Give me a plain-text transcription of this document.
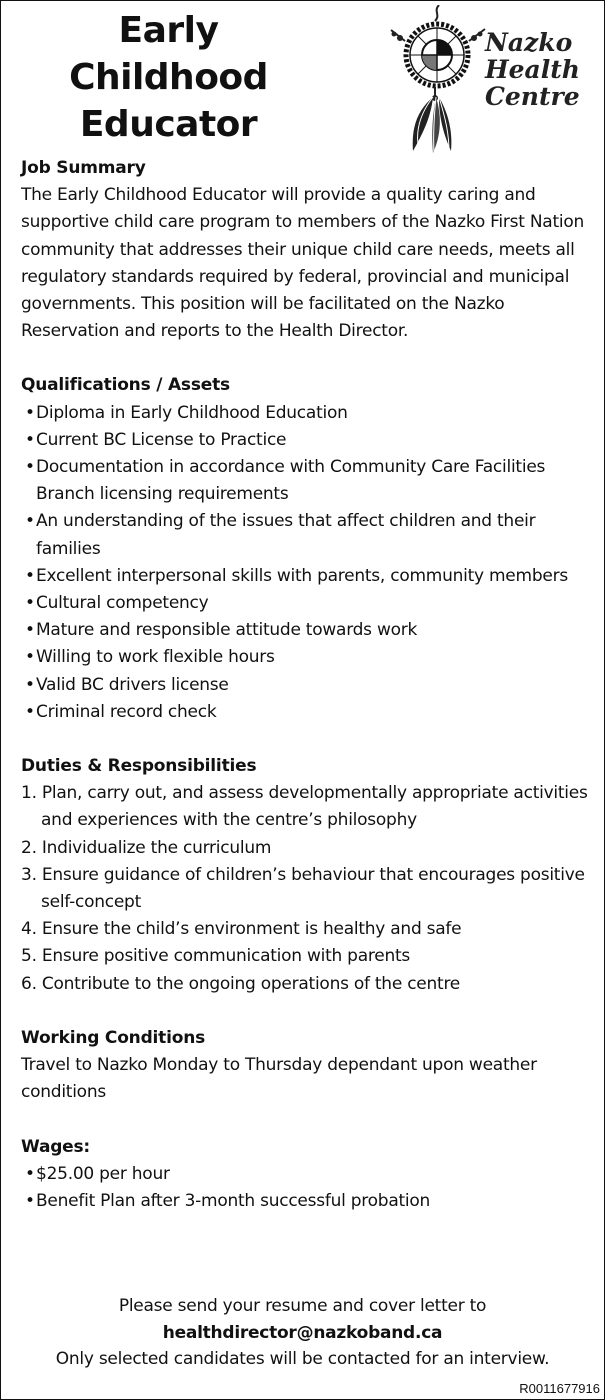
Early
Childhood
Educator
Nazko
Health
Centre
Job Summary

The Early Childhood Educator will provide a quality caring and supportive child care program to members of the Nazko First Nation community that addresses their unique child care needs, meets all regulatory standards required by federal, provincial and municipal governments. This position will be facilitated on the Nazko Reservation and reports to the Health Director.

Qualifications / Assets
• Diploma in Early Childhood Education
• Current BC License to Practice
• Documentation in accordance with Community Care Facilities Branch licensing requirements
• An understanding of the issues that affect children and their families
• Excellent interpersonal skills with parents, community members
• Cultural competency
• Mature and responsible attitude towards work
• Willing to work flexible hours
• Valid BC drivers license
• Criminal record check
Duties & Responsibilities
1. Plan, carry out, and assess developmentally appropriate activities and experiences with the centre’s philosophy
2. Individualize the curriculum
3. Ensure guidance of children’s behaviour that encourages positive self-concept
4. Ensure the child’s environment is healthy and safe
5. Ensure positive communication with parents
6. Contribute to the ongoing operations of the centre
Working Conditions

Travel to Nazko Monday to Thursday dependant upon weather conditions

Wages:
• $25.00 per hour
• Benefit Plan after 3-month successful probation
Please send your resume and cover letter to
healthdirector@nazkoband.ca
Only selected candidates will be contacted for an interview.
R0011677916
